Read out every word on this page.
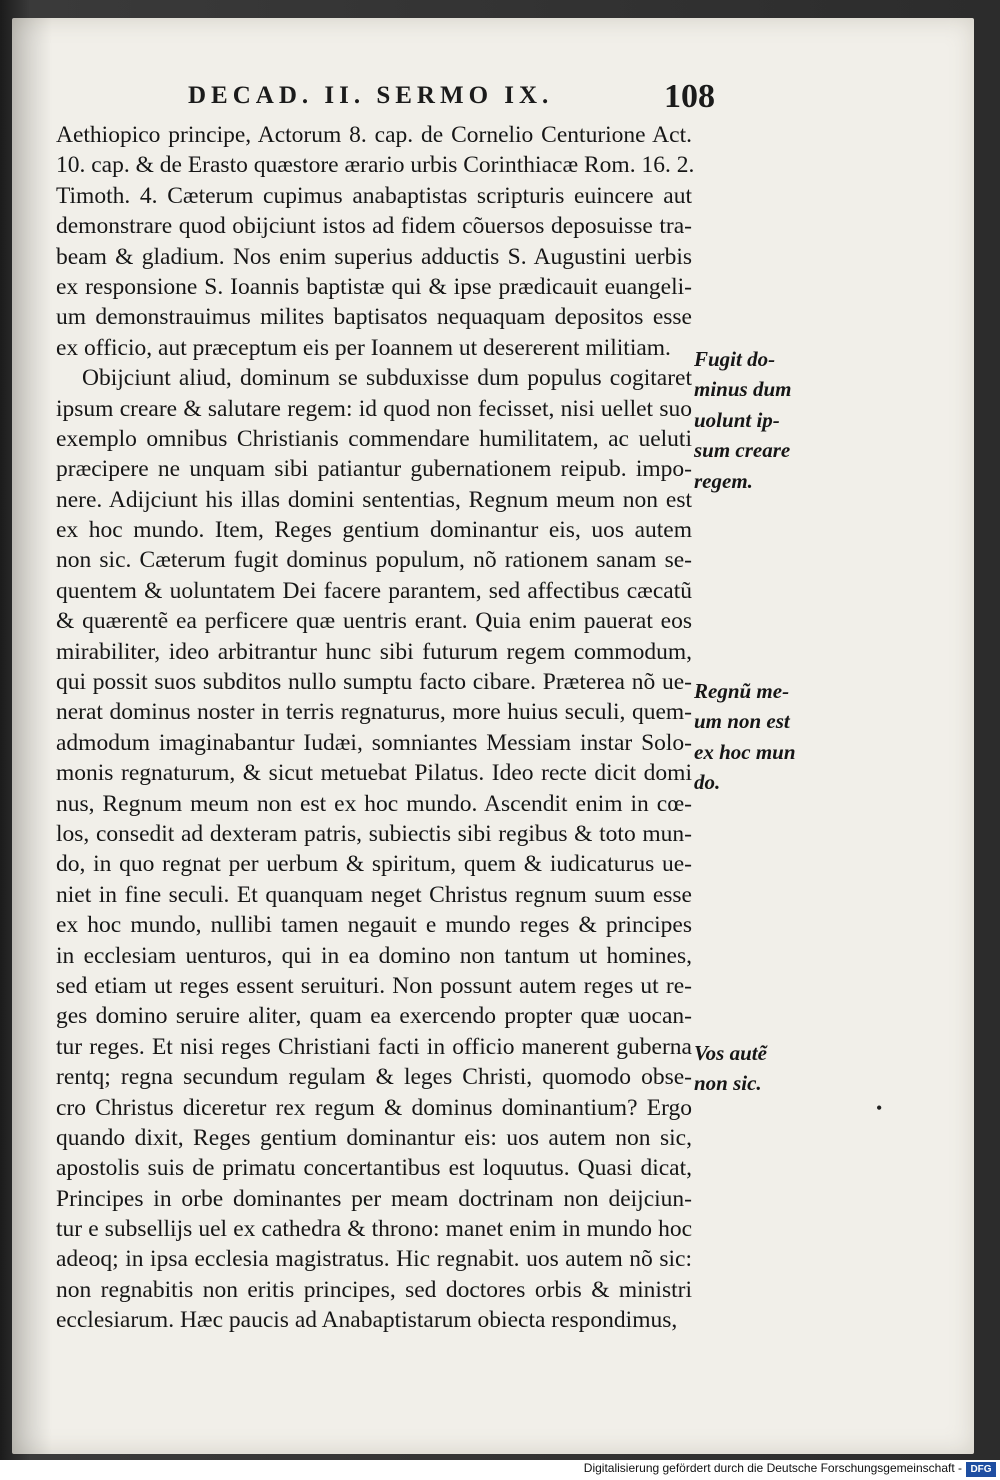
DECAD. II. SERMO IX.	108
Aethiopico principe, Actorum 8. cap. de Cornelio Centurione Act.
10. cap. & de Erasto quæstore ærario urbis Corinthiacæ Rom. 16. 2.
Timoth. 4. Cæterum cupimus anabaptistas scripturis euincere aut
demonstrare quod obijciunt istos ad fidem cõuersos deposuisse tra-
beam & gladium. Nos enim superius adductis S. Augustini uerbis
ex responsione S. Ioannis baptistæ qui & ipse prædicauit euangeli-
um demonstrauimus milites baptisatos nequaquam depositos esse
ex officio, aut præceptum eis per Ioannem ut desererent militiam.
Obijciunt aliud, dominum se subduxisse dum populus cogitaret
ipsum creare & salutare regem: id quod non fecisset, nisi uellet suo
exemplo omnibus Christianis commendare humilitatem, ac ueluti
præcipere ne unquam sibi patiantur gubernationem reipub. impo-
nere. Adijciunt his illas domini sententias, Regnum meum non est
ex hoc mundo. Item, Reges gentium dominantur eis, uos autem
non sic. Cæterum fugit dominus populum, nõ rationem sanam se-
quentem & uoluntatem Dei facere parantem, sed affectibus cæcatũ
& quærentẽ ea perficere quæ uentris erant. Quia enim pauerat eos
mirabiliter, ideo arbitrantur hunc sibi futurum regem commodum,
qui possit suos subditos nullo sumptu facto cibare. Præterea nõ ue-
nerat dominus noster in terris regnaturus, more huius seculi, quem-
admodum imaginabantur Iudæi, somniantes Messiam instar Solo-
monis regnaturum, & sicut metuebat Pilatus. Ideo recte dicit domi
nus, Regnum meum non est ex hoc mundo. Ascendit enim in cœ-
los, consedit ad dexteram patris, subiectis sibi regibus & toto mun-
do, in quo regnat per uerbum & spiritum, quem & iudicaturus ue-
niet in fine seculi. Et quanquam neget Christus regnum suum esse
ex hoc mundo, nullibi tamen negauit e mundo reges & principes
in ecclesiam uenturos, qui in ea domino non tantum ut homines,
sed etiam ut reges essent seruituri. Non possunt autem reges ut re-
ges domino seruire aliter, quam ea exercendo propter quæ uocan-
tur reges. Et nisi reges Christiani facti in officio manerent guberna
rentq; regna secundum regulam & leges Christi, quomodo obse-
cro Christus diceretur rex regum & dominus dominantium? Ergo
quando dixit, Reges gentium dominantur eis: uos autem non sic,
apostolis suis de primatu concertantibus est loquutus. Quasi dicat,
Principes in orbe dominantes per meam doctrinam non deijciun-
tur e subsellijs uel ex cathedra & throno: manet enim in mundo hoc
adeoq; in ipsa ecclesia magistratus. Hic regnabit. uos autem nõ sic:
non regnabitis non eritis principes, sed doctores orbis & ministri
ecclesiarum. Hæc paucis ad Anabaptistarum obiecta respondimus,
Fugit do-
minus dum
uolunt ip-
sum creare
regem.
Regnũ me-
um non est
ex hoc mun
do.
Vos autẽ
non sic.
•
Digitalisierung gefördert durch die Deutsche Forschungsgemeinschaft - DFG
